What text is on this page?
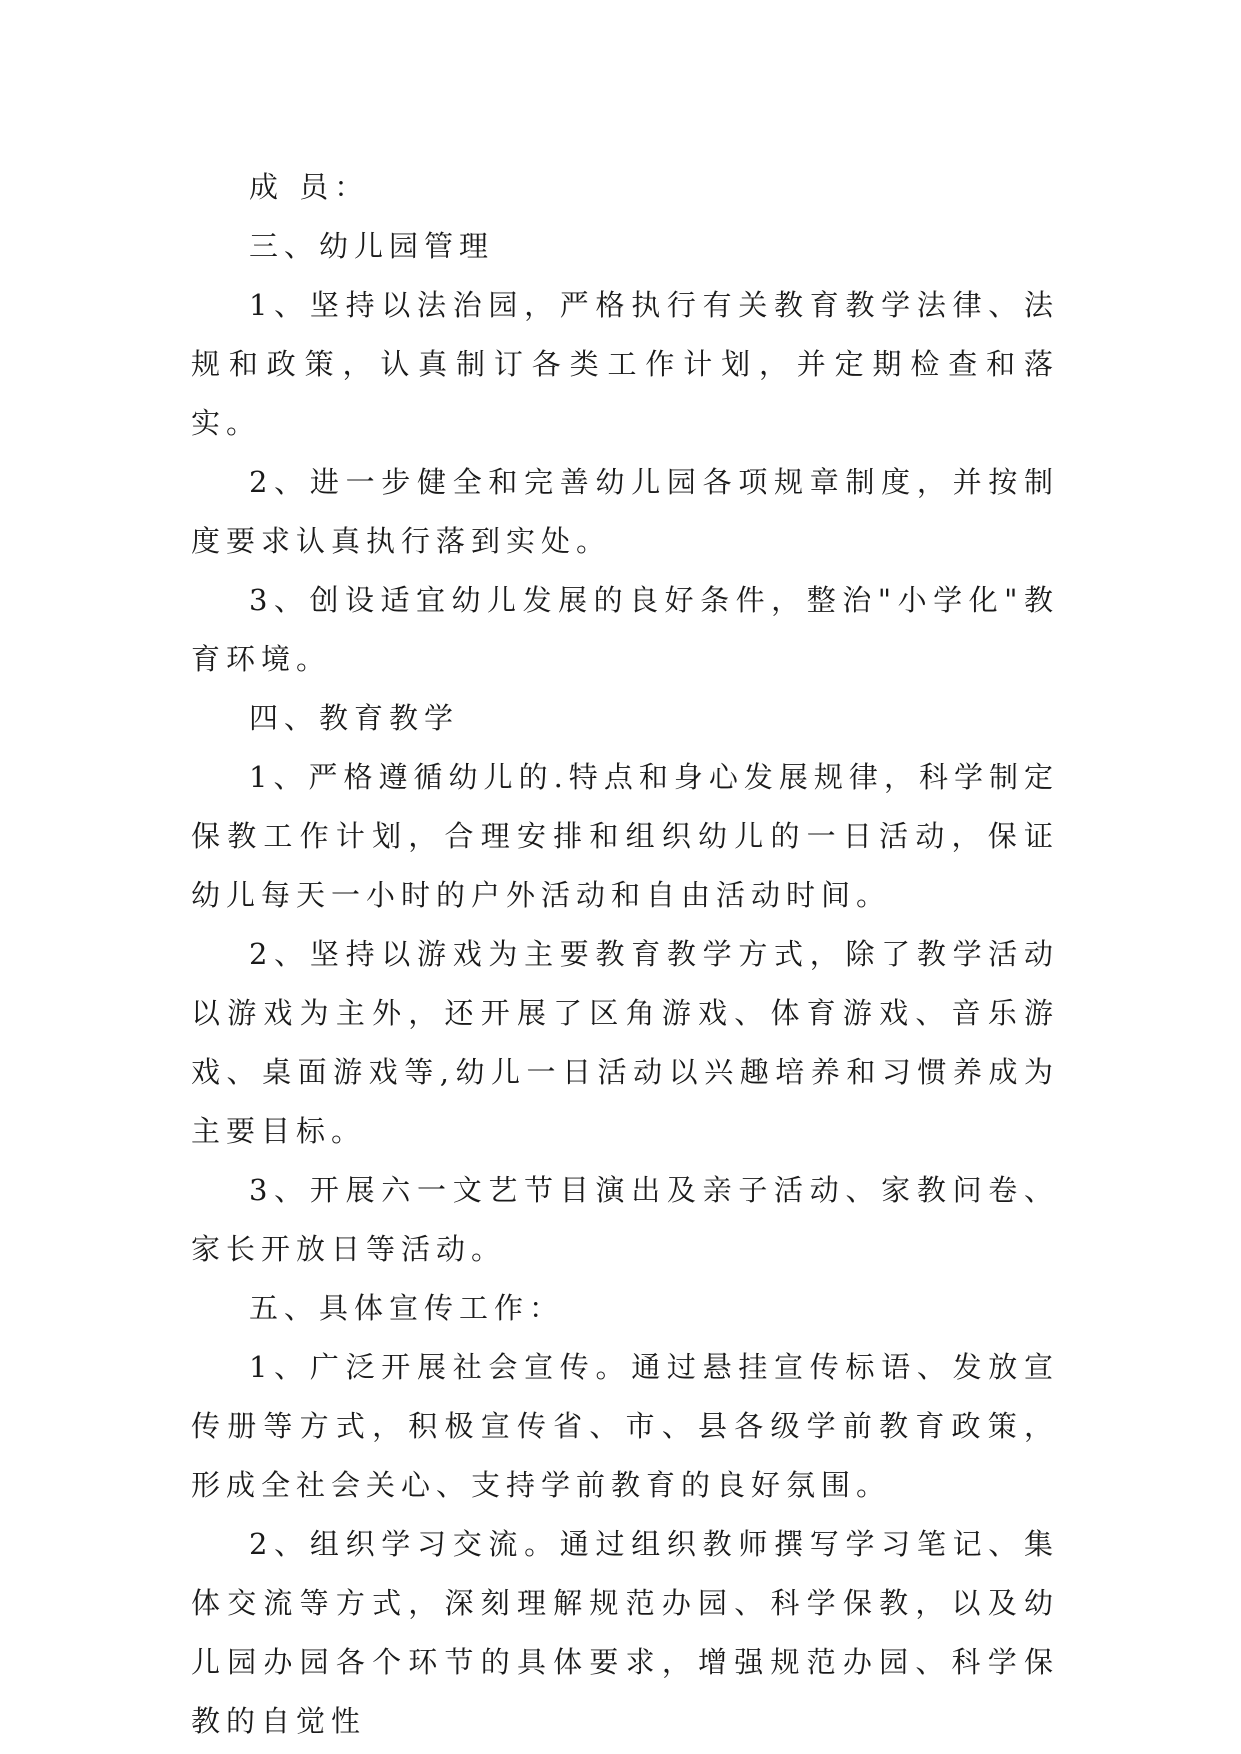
成 员：

三、幼儿园管理

1、坚持以法治园，严格执行有关教育教学法律、法规和政策，认真制订各类工作计划，并定期检查和落实。

2、进一步健全和完善幼儿园各项规章制度，并按制度要求认真执行落到实处。

3、创设适宜幼儿发展的良好条件，整治"小学化"教育环境。

四、教育教学

1、严格遵循幼儿的.特点和身心发展规律，科学制定保教工作计划，合理安排和组织幼儿的一日活动，保证幼儿每天一小时的户外活动和自由活动时间。

2、坚持以游戏为主要教育教学方式，除了教学活动以游戏为主外，还开展了区角游戏、体育游戏、音乐游戏、桌面游戏等,幼儿一日活动以兴趣培养和习惯养成为主要目标。

3、开展六一文艺节目演出及亲子活动、家教问卷、 家长开放日等活动。

五、具体宣传工作：

1、广泛开展社会宣传。通过悬挂宣传标语、发放宣传册等方式，积极宣传省、市、县各级学前教育政策，形成全社会关心、支持学前教育的良好氛围。

2、组织学习交流。通过组织教师撰写学习笔记、集体交流等方式，深刻理解规范办园、科学保教，以及幼儿园办园各个环节的具体要求，增强规范办园、科学保教的自觉性
